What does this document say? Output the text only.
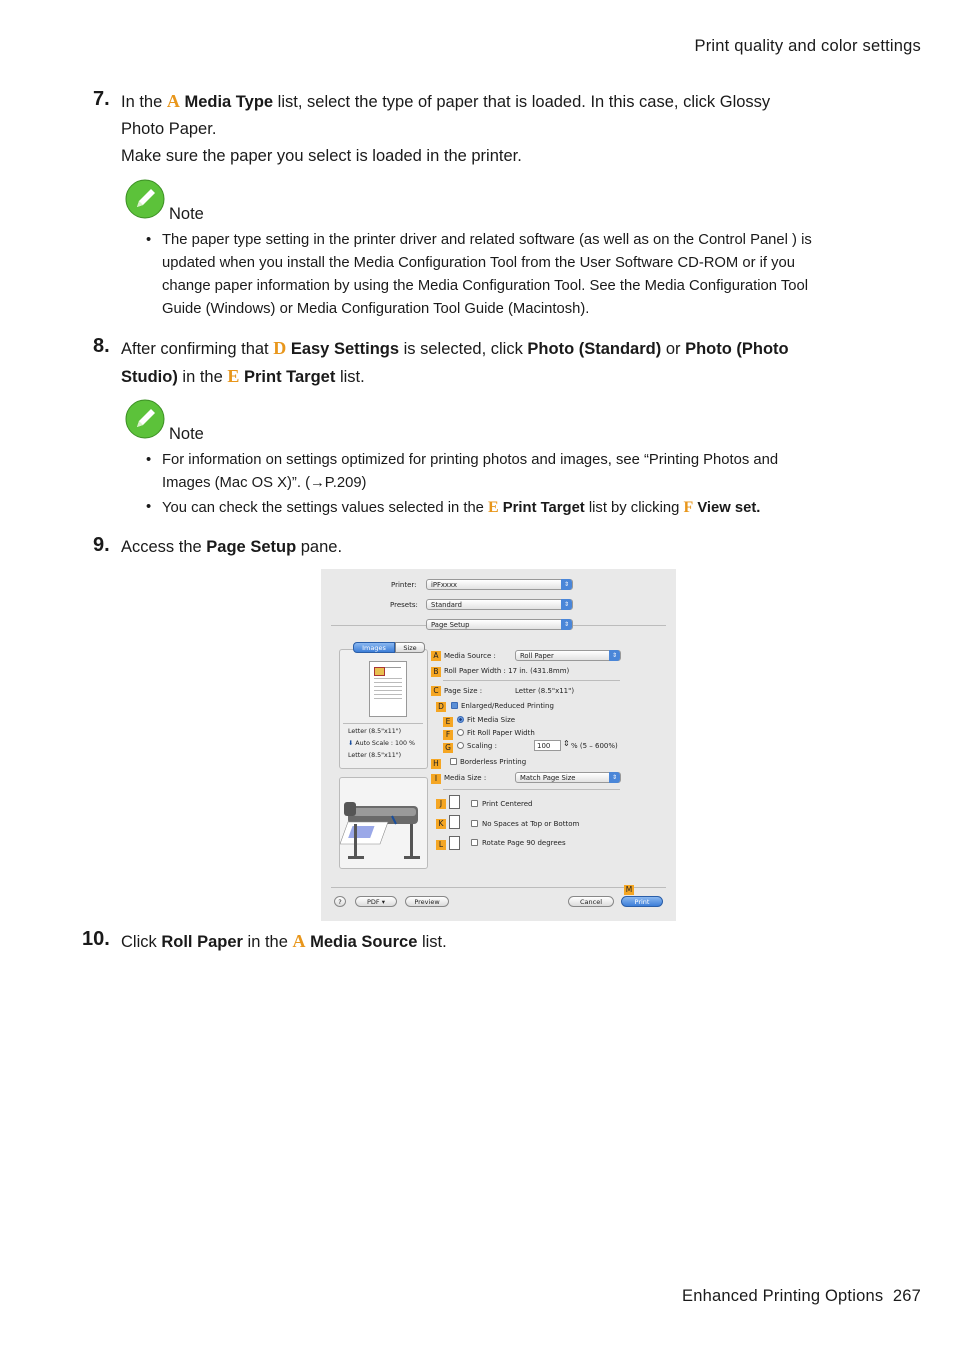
Print quality and color settings
7. In the A Media Type list, select the type of paper that is loaded. In this case, click Glossy
Photo Paper.
Make sure the paper you select is loaded in the printer.
Note
• The paper type setting in the printer driver and related software (as well as on the Control Panel ) is
updated when you install the Media Configuration Tool from the User Software CD-ROM or if you
change paper information by using the Media Configuration Tool. See the Media Configuration Tool
Guide (Windows) or Media Configuration Tool Guide (Macintosh).
8. After confirming that D Easy Settings is selected, click Photo (Standard) or Photo (Photo
Studio) in the E Print Target list.
Note
• For information on settings optimized for printing photos and images, see “Printing Photos and
Images (Mac OS X)”. (→P.209)
• You can check the settings values selected in the E Print Target list by clicking F View set.
9. Access the Page Setup pane.
Printer:	iPFxxxx	⇕
Presets:	Standard	⇕
Page Setup	⇕
Images	Size
Letter (8.5"x11")
⬇ Auto Scale : 100 %
Letter (8.5"x11")
A Media Source :	Roll Paper	⇕
B Roll Paper Width : 17 in. (431.8mm)
C Page Size :	Letter (8.5"x11")
D	Enlarged/Reduced Printing
E	Fit Media Size
F	Fit Roll Paper Width
G Scaling :	100	⇕ % (5 – 600%)
H	Borderless Printing
I Media Size :	Match Page Size	⇕
J	Print Centered
K	No Spaces at Top or Bottom
L	Rotate Page 90 degrees
?	PDF ▾	Preview	Cancel
M
Print
10. Click Roll Paper in the A Media Source list.
Enhanced Printing Options 267
